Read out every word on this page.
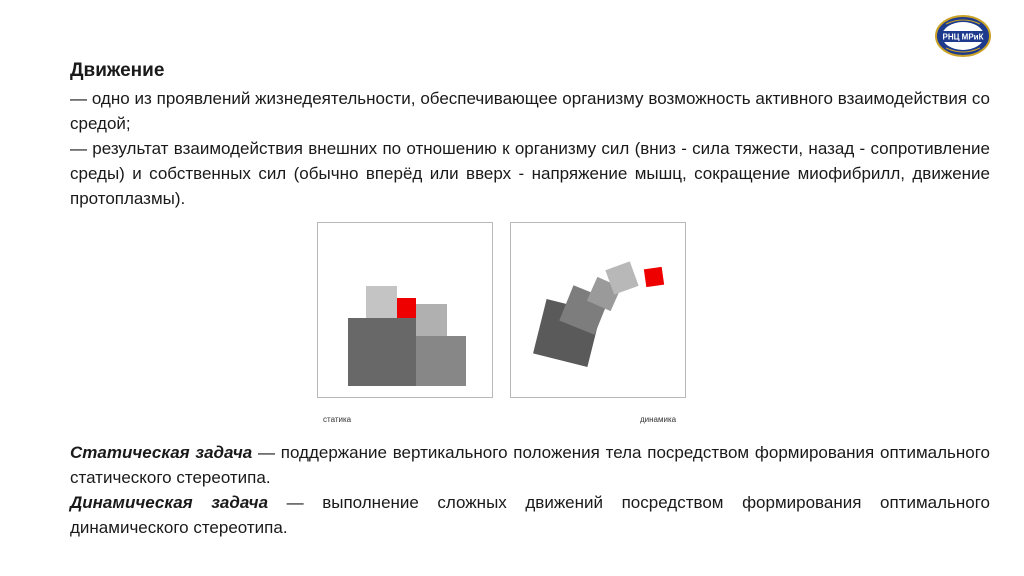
РНЦ МРиК

Движение

— одно из проявлений жизнедеятельности, обеспечивающее организму возможность активного взаимодействия со средой;

— результат взаимодействия внешних по отношению к организму сил (вниз - сила тяжести, назад - сопротивление среды) и собственных сил (обычно вперёд или вверх - напряжение мышц, сокращение миофибрилл, движение протоплазмы).

статика	динамика

Статическая задача — поддержание вертикального положения тела посредством формирования оптимального статического стереотипа.

Динамическая задача — выполнение сложных движений посредством формирования оптимального динамического стереотипа.
